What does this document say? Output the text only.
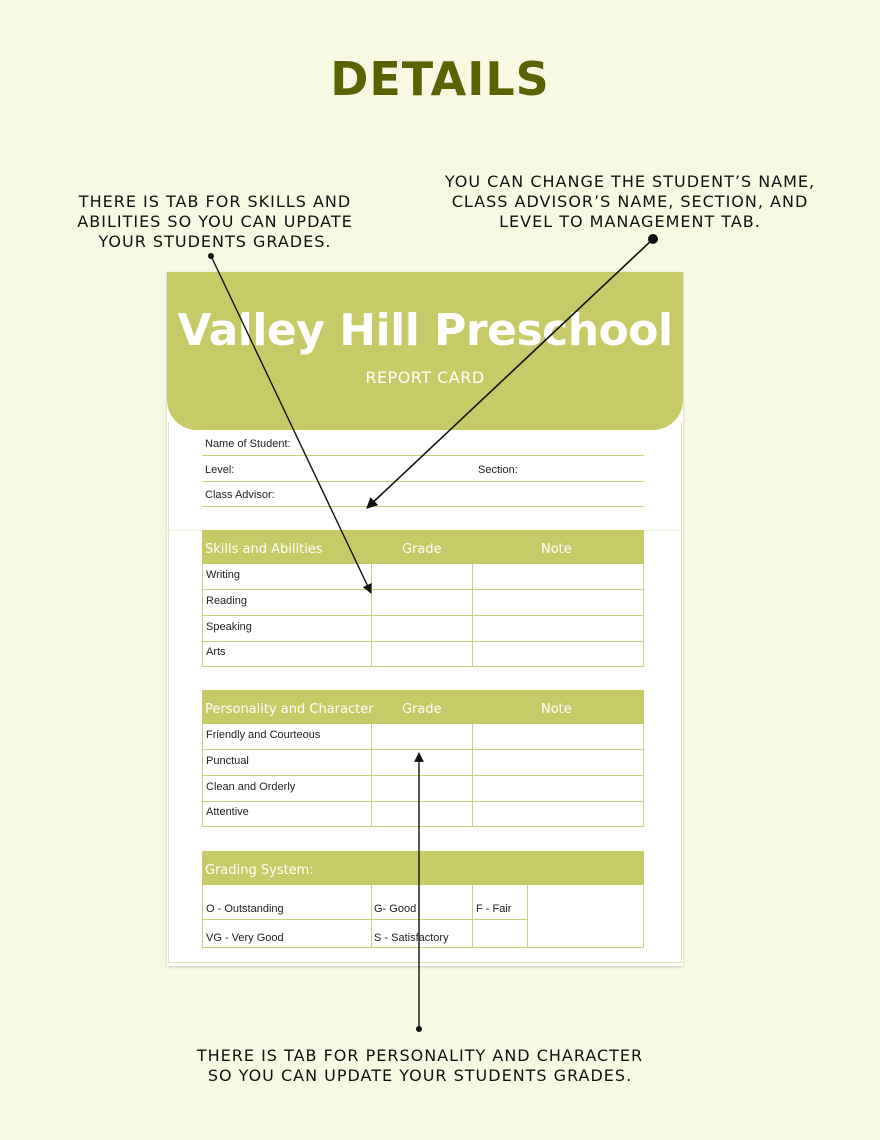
DETAILS
THERE IS TAB FOR SKILLS AND ABILITIES SO YOU CAN UPDATE YOUR STUDENTS GRADES.
YOU CAN CHANGE THE STUDENT’S NAME, CLASS ADVISOR’S NAME, SECTION, AND LEVEL TO MANAGEMENT TAB.
Valley Hill Preschool
REPORT CARD
Name of Student:
Level:	Section:
Class Advisor:
Skills and Abilities	Grade	Note
Writing
Reading
Speaking
Arts
Personality and Character Grade	Note
Friendly and Courteous
Punctual
Clean and Orderly
Attentive
Grading System:
O - Outstanding	G- Good	F - Fair
VG - Very Good	S - Satisfactory
THERE IS TAB FOR PERSONALITY AND CHARACTER SO YOU CAN UPDATE YOUR STUDENTS GRADES.
